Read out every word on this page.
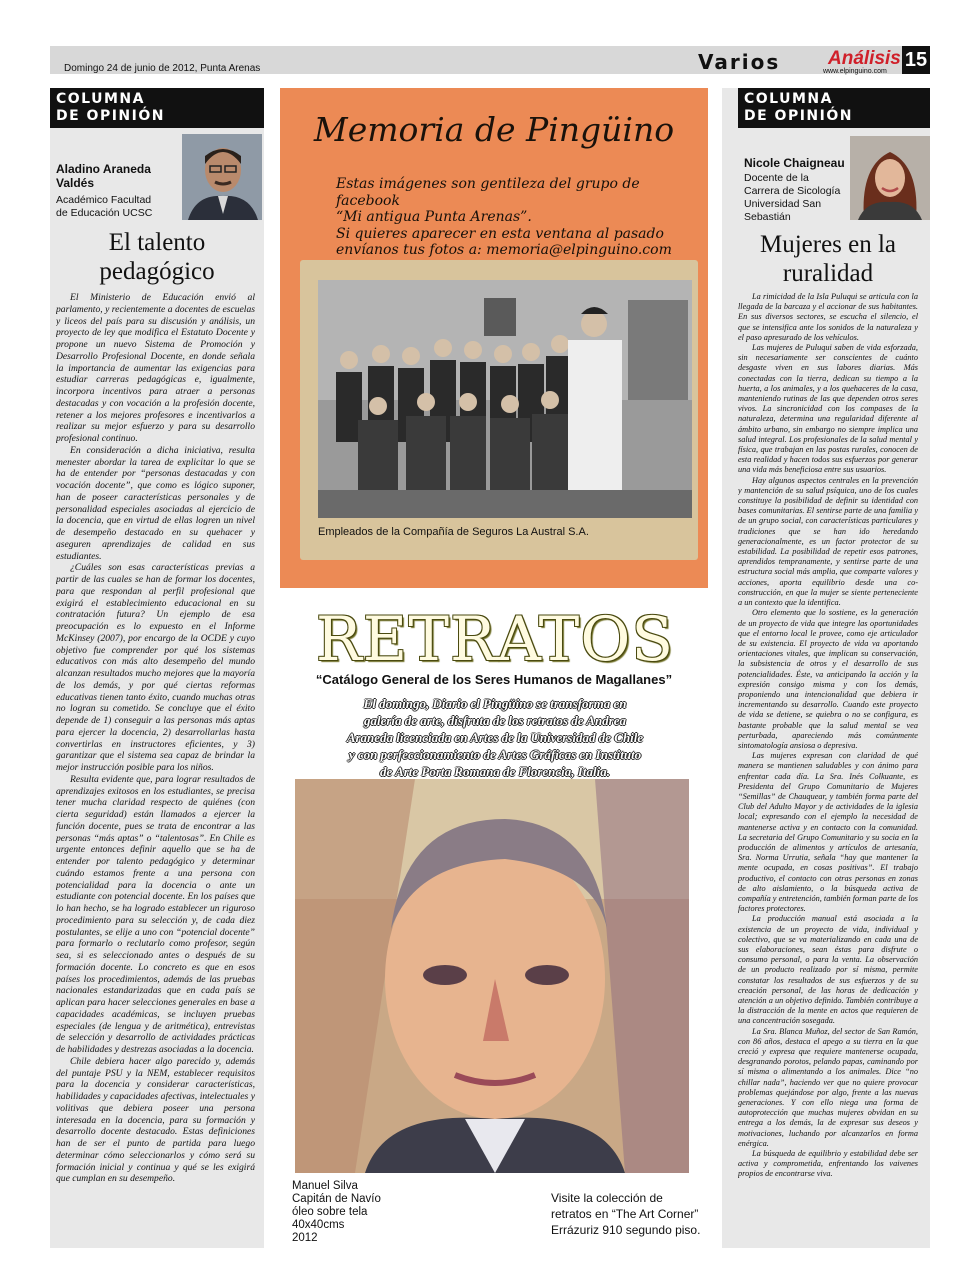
Domingo 24 de junio de 2012, Punta Arenas	Varios	Análisis
www.elpinguino.com
15
COLUMNA
DE OPINIÓN
Aladino Araneda
Valdés
Académico Facultad
de Educación UCSC
El talento
pedagógico

El Ministerio de Educación envió al parlamento, y recientemente a docentes de escuelas y liceos del país para su discusión y análisis, un proyecto de ley que modifica el Estatuto Docente y propone un nuevo Sistema de Promoción y Desarrollo Profesional Docente, en donde señala la importancia de aumentar las exigencias para estudiar carreras pedagógicas e, igualmente, incorpora incentivos para atraer a personas destacadas y con vocación a la profesión docente, retener a los mejores profesores e incentivarlos a realizar su mejor esfuerzo y para su desarrollo profesional continuo.

En consideración a dicha iniciativa, resulta menester abordar la tarea de explicitar lo que se ha de entender por “personas destacadas y con vocación docente”, que como es lógico suponer, han de poseer características personales y de personalidad especiales asociadas al ejercicio de la docencia, que en virtud de ellas logren un nivel de desempeño destacado en su quehacer y aseguren aprendizajes de calidad en sus estudiantes.

¿Cuáles son esas características previas a partir de las cuales se han de formar los docentes, para que respondan al perfil profesional que exigirá el establecimiento educacional en su contratación futura? Un ejemplo de esa preocupación es lo expuesto en el Informe McKinsey (2007), por encargo de la OCDE y cuyo objetivo fue comprender por qué los sistemas educativos con más alto desempeño del mundo alcanzan resultados mucho mejores que la mayoría de los demás, y por qué ciertas reformas educativas tienen tanto éxito, cuando muchas otras no logran su cometido. Se concluye que el éxito depende de 1) conseguir a las personas más aptas para ejercer la docencia, 2) desarrollarlas hasta convertirlas en instructores eficientes, y 3) garantizar que el sistema sea capaz de brindar la mejor instrucción posible para los niños.

Resulta evidente que, para lograr resultados de aprendizajes exitosos en los estudiantes, se precisa tener mucha claridad respecto de quiénes (con cierta seguridad) están llamados a ejercer la función docente, pues se trata de encontrar a las personas “más aptas” o “talentosas”. En Chile es urgente entonces definir aquello que se ha de entender por talento pedagógico y determinar cuándo estamos frente a una persona con potencialidad para la docencia o ante un estudiante con potencial docente. En los países que lo han hecho, se ha logrado establecer un riguroso procedimiento para su selección y, de cada diez postulantes, se elije a uno con “potencial docente” para formarlo o reclutarlo como profesor, según sea, si es seleccionado antes o después de su formación docente. Lo concreto es que en esos países los procedimientos, además de las pruebas nacionales estandarizadas que en cada país se aplican para hacer selecciones generales en base a capacidades académicas, se incluyen pruebas especiales (de lengua y de aritmética), entrevistas de selección y desarrollo de actividades prácticas de habilidades y destrezas asociadas a la docencia.

Chile debiera hacer algo parecido y, además del puntaje PSU y la NEM, establecer requisitos para la docencia y considerar características, habilidades y capacidades afectivas, intelectuales y volitivas que debiera poseer una persona interesada en la docencia, para su formación y desarrollo docente destacado. Estas definiciones han de ser el punto de partida para luego determinar cómo seleccionarlos y cómo será su formación inicial y continua y qué se les exigirá que cumplan en su desempeño.

COLUMNA
DE OPINIÓN
Nicole Chaigneau
Docente de la
Carrera de Sicología
Universidad San
Sebastián
Mujeres en la
ruralidad

La rimicidad de la Isla Puluqui se articula con la llegada de la barcaza y el accionar de sus habitantes. En sus diversos sectores, se escucha el silencio, el que se intensifica ante los sonidos de la naturaleza y el paso apresurado de los vehículos.

Las mujeres de Puluqui saben de vida esforzada, sin necesariamente ser conscientes de cuánto desgaste viven en sus labores diarias. Más conectadas con la tierra, dedican su tiempo a la huerta, a los animales, y a los quehaceres de la casa, manteniendo rutinas de las que dependen otros seres vivos. La sincronicidad con los compases de la naturaleza, determina una regularidad diferente al ámbito urbano, sin embargo no siempre implica una salud integral. Los profesionales de la salud mental y física, que trabajan en las postas rurales, conocen de esta realidad y hacen todos sus esfuerzos por generar una vida más beneficiosa entre sus usuarios.

Hay algunos aspectos centrales en la prevención y mantención de su salud psíquica, uno de los cuales constituye la posibilidad de definir su identidad con bases comunitarias. El sentirse parte de una familia y de un grupo social, con características particulares y tradiciones que se han ido heredando generacionalmente, es un factor protector de su estabilidad. La posibilidad de repetir esos patrones, aprendidos tempranamente, y sentirse parte de una estructura social más amplia, que comparte valores y acciones, aporta equilibrio desde una co-construcción, en que la mujer se siente perteneciente a un contexto que la identifica.

Otro elemento que lo sostiene, es la generación de un proyecto de vida que integre las oportunidades que el entorno local le provee, como eje articulador de su existencia. El proyecto de vida va aportando orientaciones vitales, que implican su conservación, la subsistencia de otros y el desarrollo de sus potencialidades. Éste, va anticipando la acción y la expresión consigo misma y con los demás, proponiendo una intencionalidad que debiera ir incrementando su desarrollo. Cuando este proyecto de vida se detiene, se quiebra o no se configura, es bastante probable que la salud mental se vea perturbada, apareciendo más comúnmente sintomatología ansiosa o depresiva.

Las mujeres expresan con claridad de qué manera se mantienen saludables y con ánimo para enfrentar cada día. La Sra. Inés Colkuante, es Presidenta del Grupo Comunitario de Mujeres “Semillas” de Chauquear, y también forma parte del Club del Adulto Mayor y de actividades de la iglesia local; expresando con el ejemplo la necesidad de mantenerse activa y en contacto con la comunidad. La secretaria del Grupo Comunitario y su socia en la producción de alimentos y artículos de artesanía, Sra. Norma Urrutia, señala “hay que mantener la mente ocupada, en cosas positivas”. El trabajo productivo, el contacto con otras personas en zonas de alto aislamiento, o la búsqueda activa de compañía y entretención, también forman parte de los factores protectores.

La producción manual está asociada a la existencia de un proyecto de vida, individual y colectivo, que se va materializando en cada una de sus elaboraciones, sean éstas para disfrute o consumo personal, o para la venta. La observación de un producto realizado por sí misma, permite constatar los resultados de sus esfuerzos y de su creación personal, de las horas de dedicación y atención a un objetivo definido. También contribuye a la distracción de la mente en actos que requieren de una concentración sosegada.

La Sra. Blanca Muñoz, del sector de San Ramón, con 86 años, destaca el apego a su tierra en la que creció y expresa que requiere mantenerse ocupada, desgranando porotos, pelando papas, caminando por sí misma o alimentando a los animales. Dice “no chillar nada”, haciendo ver que no quiere provocar problemas quejándose por algo, frente a las nuevas generaciones. Y con ello niega una forma de autoprotección que muchas mujeres obvidan en su entrega a los demás, la de expresar sus deseos y motivaciones, luchando por alcanzarlos en forma enérgica.

La búsqueda de equilibrio y estabilidad debe ser activa y comprometida, enfrentando los vaivenes propios de encontrarse viva.

Memoria de Pingüino
Estas imágenes son gentileza del grupo de facebook
“Mi antigua Punta Arenas”.
Si quieres aparecer en esta ventana al pasado
envíanos tus fotos a: memoria@elpinguino.com
Empleados de la Compañía de Seguros La Austral S.A.
RETRATOS
“Catálogo General de los Seres Humanos de Magallanes”
El domingo, Diario el Pingüino se transforma en
galería de arte, disfruta de los retratos de Andrea
Araneda licenciada en Artes de la Universidad de Chile
y con perfeccionamiento de Artes Gráficas en Instituto
de Arte Porta Romana de Florencia, Italia.
Manuel Silva
Capitán de Navío
óleo sobre tela
40x40cms
2012
Visite la colección de retratos en “The Art Corner” Errázuriz 910 segundo piso.
